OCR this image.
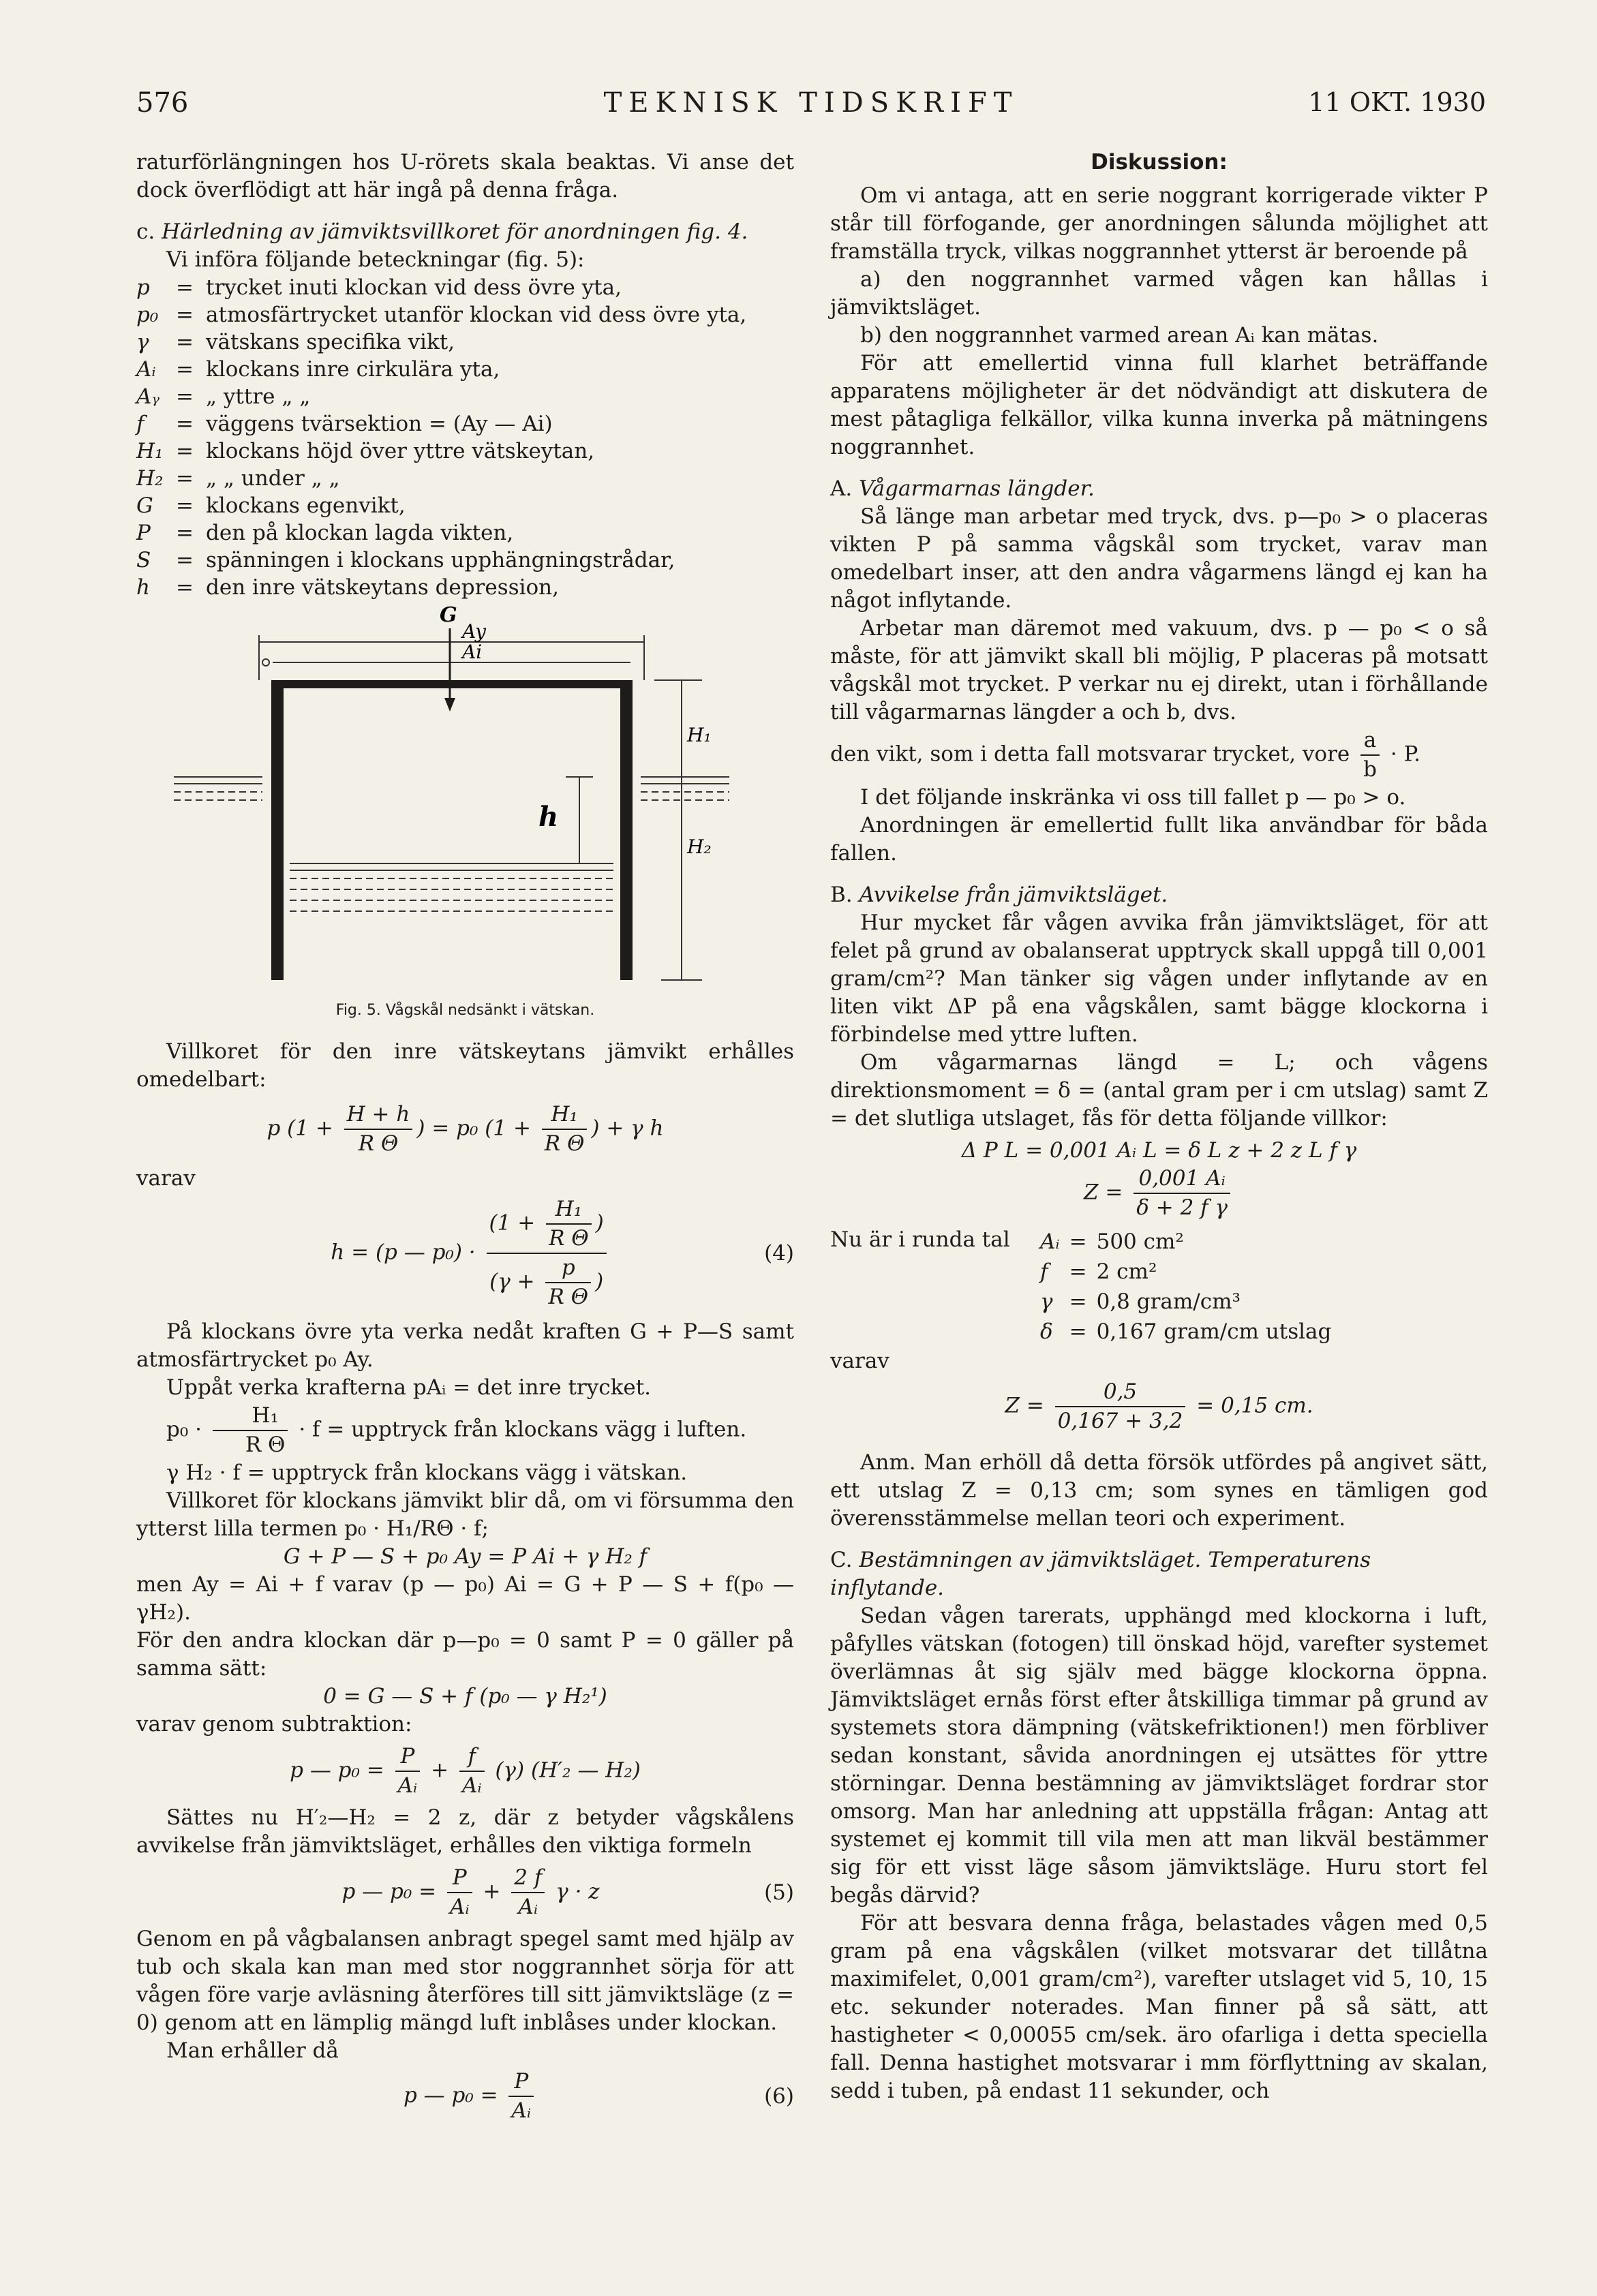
576	TEKNISK TIDSKRIFT	11 OKT. 1930

raturförlängningen hos U-rörets skala beaktas. Vi anse det dock överflödigt att här ingå på denna fråga.

c. Härledning av jämviktsvillkoret för anordningen fig. 4.

Vi införa följande beteckningar (fig. 5):

p	=	trycket inuti klockan vid dess övre yta,
p₀	=	atmosfärtrycket utanför klockan vid dess övre yta,
γ	=	vätskans specifika vikt,
Aᵢ	=	klockans inre cirkulära yta,
Aᵧ	=	„ yttre „ „
f	=	väggens tvärsektion = (Ay — Ai)
H₁	=	klockans höjd över yttre vätskeytan,
H₂	=	„ „ under „ „
G	=	klockans egenvikt,
P	=	den på klockan lagda vikten,
S	=	spänningen i klockans upphängningstrådar,
h	=	den inre vätskeytans depression,
G
Ay
Ai
H₁
H₂
h
Fig. 5. Vågskål nedsänkt i vätskan.

Villkoret för den inre vätskeytans jämvikt erhålles omedelbart:

p ($1 + \frac{H + h}{\text{R Θ}}$ ) = p₀ ($1 + \frac{\text{H₁}}{\text{R Θ}}$ ) + γ h

varav

h = (p — $p_0) \cdot \frac{(1 + \frac{\text{H₁}}{\text{R Θ}} )}{(\gamma + \frac{p}{\text{R Θ}} )}$	(4)

På klockans övre yta verka nedåt kraften G + P—S samt atmosfärtrycket p₀ Ay.

Uppåt verka krafterna pAᵢ = det inre trycket.

$p_0 \cdot \frac{\text{H₁}}{\text{R Θ}} \cdot f$ = upptryck från klockans vägg i luften.

γ H₂ · f = upptryck från klockans vägg i vätskan.

Villkoret för klockans jämvikt blir då, om vi försumma den ytterst lilla termen p₀ · H₁/RΘ · f;

G + P — S + p₀ Ay = P Ai + γ H₂ f

men Ay = Ai + f varav (p — p₀) Ai = G + P — S + f(p₀ — γH₂).

För den andra klockan där p—p₀ = 0 samt P = 0 gäller på samma sätt:

0 = G — S + f (p₀ — γ H₂¹)

varav genom subtraktion:

p — $p_0 = \frac{P}{\text{Aᵢ}} + \frac{f}{\text{Aᵢ}} (\gamma)$ (H′₂ — H₂)

Sättes nu H′₂—H₂ = 2 z, där z betyder vågskålens avvikelse från jämviktsläget, erhålles den viktiga formeln

p — $p_0 = \frac{P}{\text{Aᵢ}} + \frac{2 f}{\text{Aᵢ}}$ γ · z	(5)

Genom en på vågbalansen anbragt spegel samt med hjälp av tub och skala kan man med stor noggrannhet sörja för att vågen före varje avläsning återföres till sitt jämviktsläge (z = 0) genom att en lämplig mängd luft inblåses under klockan.

Man erhåller då

p — $p_0 = \frac{P}{\text{Aᵢ}}$	(6)
Diskussion:

Om vi antaga, att en serie noggrant korrigerade vikter P står till förfogande, ger anordningen sålunda möjlighet att framställa tryck, vilkas noggrannhet ytterst är beroende på

a) den noggrannhet varmed vågen kan hållas i jämviktsläget.

b) den noggrannhet varmed arean Aᵢ kan mätas.

För att emellertid vinna full klarhet beträffande apparatens möjligheter är det nödvändigt att diskutera de mest påtagliga felkällor, vilka kunna inverka på mätningens noggrannhet.

A. Vågarmarnas längder.

Så länge man arbetar med tryck, dvs. p—p₀ > o placeras vikten P på samma vågskål som trycket, varav man omedelbart inser, att den andra vågarmens längd ej kan ha något inflytande.

Arbetar man däremot med vakuum, dvs. p — p₀ < o så måste, för att jämvikt skall bli möjlig, P placeras på motsatt vågskål mot trycket. P verkar nu ej direkt, utan i förhållande till vågarmarnas längder a och b, dvs.

den vikt, som i detta fall motsvarar trycket, vore $\frac{a}{b} \cdot P$.

I det följande inskränka vi oss till fallet p — p₀ > o.

Anordningen är emellertid fullt lika användbar för båda fallen.

B. Avvikelse från jämviktsläget.

Hur mycket får vågen avvika från jämviktsläget, för att felet på grund av obalanserat upptryck skall uppgå till 0,001 gram/cm²? Man tänker sig vågen under inflytande av en liten vikt ΔP på ena vågskålen, samt bägge klockorna i förbindelse med yttre luften.

Om vågarmarnas längd = L; och vågens direktionsmoment = δ = (antal gram per i cm utslag) samt Z = det slutliga utslaget, fås för detta följande villkor:

Δ P L = 0,001 Aᵢ L = δ L z + 2 z L f γ
$Z = \frac{\text{0,001 Aᵢ}}{\text{δ + 2 f γ}}$
Nu är i runda tal	Aᵢ	=	500 cm²
f	=	2 cm²
γ	=	0,8 gram/cm³
δ	=	0,167 gram/cm utslag

varav

$Z = \frac{0,5}{0,167 + 3,2} = 0,15$ cm.

Anm. Man erhöll då detta försök utfördes på angivet sätt, ett utslag Z = 0,13 cm; som synes en tämligen god överensstämmelse mellan teori och experiment.

C. Bestämningen av jämviktsläget. Temperaturens inflytande.

Sedan vågen tarerats, upphängd med klockorna i luft, påfylles vätskan (fotogen) till önskad höjd, varefter systemet överlämnas åt sig själv med bägge klockorna öppna. Jämviktsläget ernås först efter åtskilliga timmar på grund av systemets stora dämpning (vätskefriktionen!) men förbliver sedan konstant, såvida anordningen ej utsättes för yttre störningar. Denna bestämning av jämviktsläget fordrar stor omsorg. Man har anledning att uppställa frågan: Antag att systemet ej kommit till vila men att man likväl bestämmer sig för ett visst läge såsom jämviktsläge. Huru stort fel begås därvid?

För att besvara denna fråga, belastades vågen med 0,5 gram på ena vågskålen (vilket motsvarar det tillåtna maximifelet, 0,001 gram/cm²), varefter utslaget vid 5, 10, 15 etc. sekunder noterades. Man finner på så sätt, att hastigheter < 0,00055 cm/sek. äro ofarliga i detta speciella fall. Denna hastighet motsvarar i mm förflyttning av skalan, sedd i tuben, på endast 11 sekunder, och
